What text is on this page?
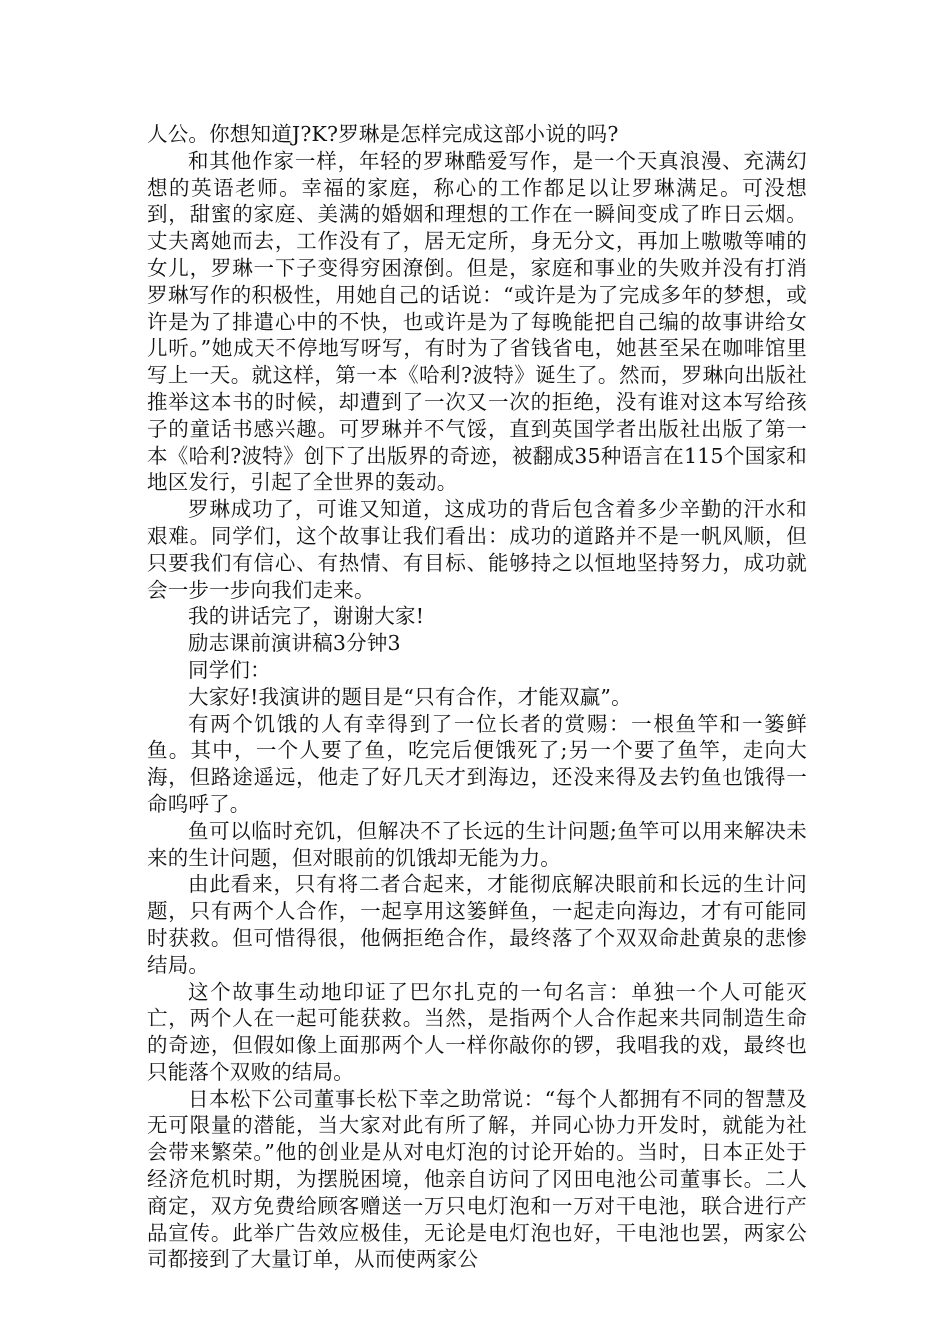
人公。你想知道J?K?罗琳是怎样完成这部小说的吗?

和其他作家一样，年轻的罗琳酷爱写作，是一个天真浪漫、充满幻想的英语老师。幸福的家庭，称心的工作都足以让罗琳满足。可没想到，甜蜜的家庭、美满的婚姻和理想的工作在一瞬间变成了昨日云烟。丈夫离她而去，工作没有了，居无定所，身无分文，再加上嗷嗷等哺的女儿，罗琳一下子变得穷困潦倒。但是，家庭和事业的失败并没有打消罗琳写作的积极性，用她自己的话说：“或许是为了完成多年的梦想，或许是为了排遣心中的不快，也或许是为了每晚能把自己编的故事讲给女儿听。”她成天不停地写呀写，有时为了省钱省电，她甚至呆在咖啡馆里写上一天。就这样，第一本《哈利?波特》诞生了。然而，罗琳向出版社推举这本书的时候，却遭到了一次又一次的拒绝，没有谁对这本写给孩子的童话书感兴趣。可罗琳并不气馁，直到英国学者出版社出版了第一本《哈利?波特》创下了出版界的奇迹，被翻成35种语言在115个国家和地区发行，引起了全世界的轰动。

罗琳成功了，可谁又知道，这成功的背后包含着多少辛勤的汗水和艰难。同学们，这个故事让我们看出：成功的道路并不是一帆风顺，但只要我们有信心、有热情、有目标、能够持之以恒地坚持努力，成功就会一步一步向我们走来。

我的讲话完了，谢谢大家!

励志课前演讲稿3分钟3

同学们：

大家好!我演讲的题目是“只有合作，才能双赢”。

有两个饥饿的人有幸得到了一位长者的赏赐：一根鱼竿和一篓鲜鱼。其中，一个人要了鱼，吃完后便饿死了;另一个要了鱼竿，走向大海，但路途遥远，他走了好几天才到海边，还没来得及去钓鱼也饿得一命呜呼了。

鱼可以临时充饥，但解决不了长远的生计问题;鱼竿可以用来解决未来的生计问题，但对眼前的饥饿却无能为力。

由此看来，只有将二者合起来，才能彻底解决眼前和长远的生计问题，只有两个人合作，一起享用这篓鲜鱼，一起走向海边，才有可能同时获救。但可惜得很，他俩拒绝合作，最终落了个双双命赴黄泉的悲惨结局。

这个故事生动地印证了巴尔扎克的一句名言：单独一个人可能灭亡，两个人在一起可能获救。当然，是指两个人合作起来共同制造生命的奇迹，但假如像上面那两个人一样你敲你的锣，我唱我的戏，最终也只能落个双败的结局。

日本松下公司董事长松下幸之助常说：“每个人都拥有不同的智慧及无可限量的潜能，当大家对此有所了解，并同心协力开发时，就能为社会带来繁荣。”他的创业是从对电灯泡的讨论开始的。当时，日本正处于经济危机时期，为摆脱困境，他亲自访问了冈田电池公司董事长。二人商定，双方免费给顾客赠送一万只电灯泡和一万对干电池，联合进行产品宣传。此举广告效应极佳，无论是电灯泡也好，干电池也罢，两家公司都接到了大量订单，从而使两家公
